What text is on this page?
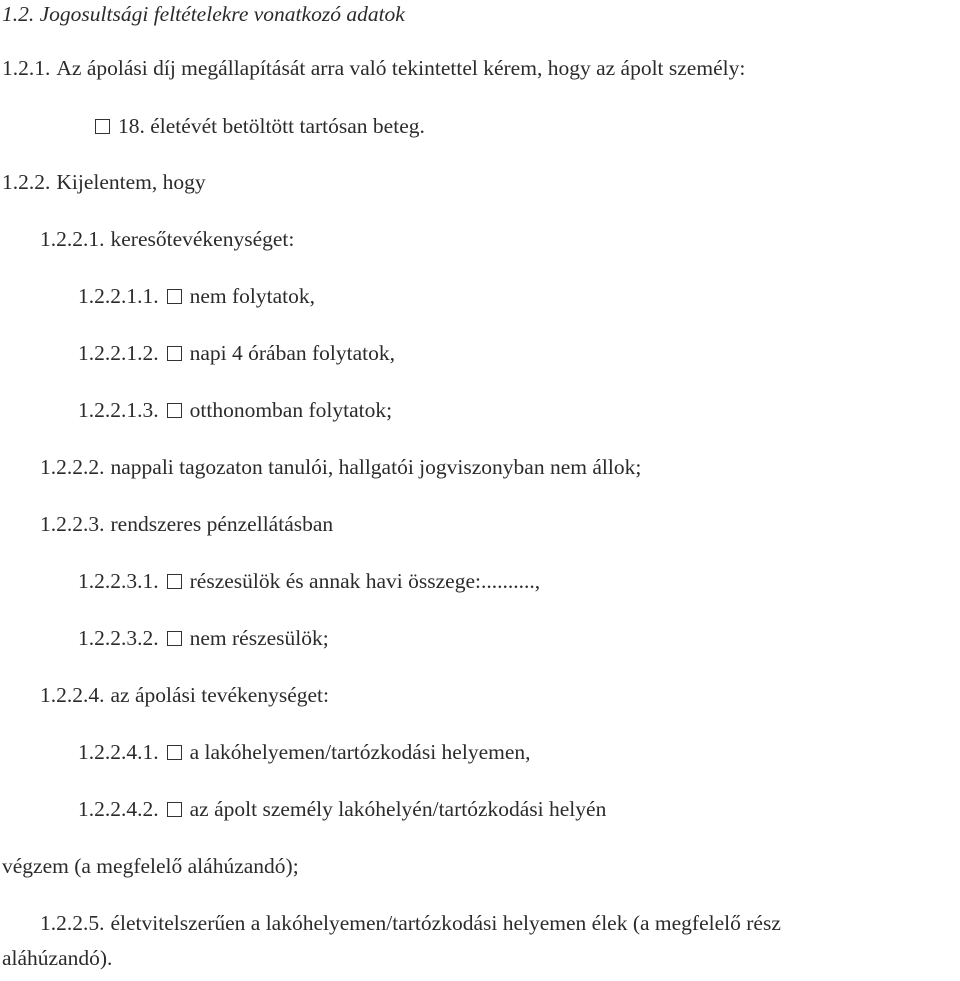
1.2. Jogosultsági feltételekre vonatkozó adatok
1.2.1. Az ápolási díj megállapítását arra való tekintettel kérem, hogy az ápolt személy:
18. életévét betöltött tartósan beteg.
1.2.2. Kijelentem, hogy
1.2.2.1. keresőtevékenységet:
1.2.2.1.1. nem folytatok,
1.2.2.1.2. napi 4 órában folytatok,
1.2.2.1.3. otthonomban folytatok;
1.2.2.2. nappali tagozaton tanulói, hallgatói jogviszonyban nem állok;
1.2.2.3. rendszeres pénzellátásban
1.2.2.3.1. részesülök és annak havi összege:..........,
1.2.2.3.2. nem részesülök;
1.2.2.4. az ápolási tevékenységet:
1.2.2.4.1. a lakóhelyemen/tartózkodási helyemen,
1.2.2.4.2. az ápolt személy lakóhelyén/tartózkodási helyén
végzem (a megfelelő aláhúzandó);
1.2.2.5. életvitelszerűen a lakóhelyemen/tartózkodási helyemen élek (a megfelelő rész
aláhúzandó).
